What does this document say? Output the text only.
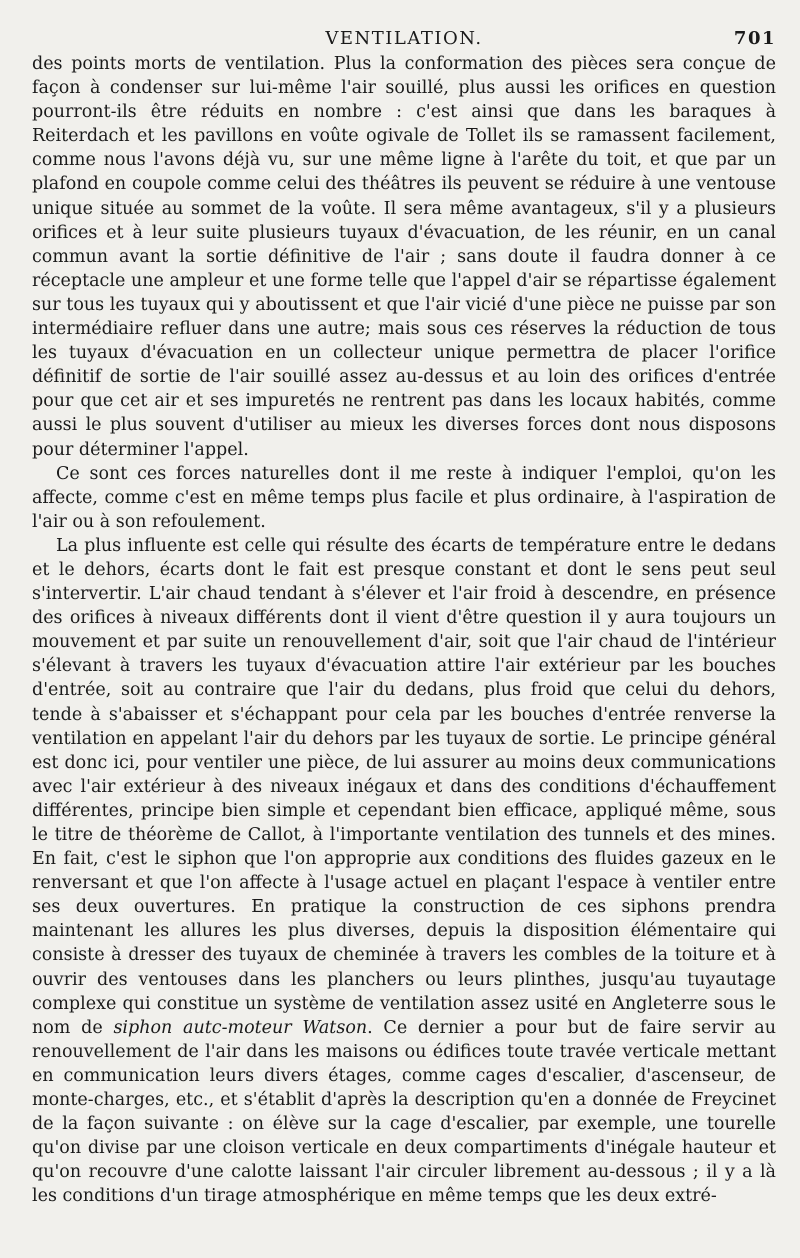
VENTILATION.	701

des points morts de ventilation. Plus la conformation des pièces sera conçue de façon à condenser sur lui-même l'air souillé, plus aussi les orifices en question pourront-ils être réduits en nombre : c'est ainsi que dans les baraques à Reiterdach et les pavillons en voûte ogivale de Tollet ils se ramassent facilement, comme nous l'avons déjà vu, sur une même ligne à l'arête du toit, et que par un plafond en coupole comme celui des théâtres ils peuvent se réduire à une ventouse unique située au sommet de la voûte. Il sera même avantageux, s'il y a plusieurs orifices et à leur suite plusieurs tuyaux d'évacuation, de les réunir, en un canal commun avant la sortie définitive de l'air ; sans doute il faudra donner à ce réceptacle une ampleur et une forme telle que l'appel d'air se répartisse également sur tous les tuyaux qui y aboutissent et que l'air vicié d'une pièce ne puisse par son intermédiaire refluer dans une autre; mais sous ces réserves la réduction de tous les tuyaux d'évacuation en un collecteur unique permettra de placer l'orifice définitif de sortie de l'air souillé assez au-dessus et au loin des orifices d'entrée pour que cet air et ses impuretés ne rentrent pas dans les locaux habités, comme aussi le plus souvent d'utiliser au mieux les diverses forces dont nous disposons pour déterminer l'appel.

Ce sont ces forces naturelles dont il me reste à indiquer l'emploi, qu'on les affecte, comme c'est en même temps plus facile et plus ordinaire, à l'aspiration de l'air ou à son refoulement.

La plus influente est celle qui résulte des écarts de température entre le dedans et le dehors, écarts dont le fait est presque constant et dont le sens peut seul s'intervertir. L'air chaud tendant à s'élever et l'air froid à descendre, en présence des orifices à niveaux différents dont il vient d'être question il y aura toujours un mouvement et par suite un renouvellement d'air, soit que l'air chaud de l'intérieur s'élevant à travers les tuyaux d'évacuation attire l'air extérieur par les bouches d'entrée, soit au contraire que l'air du dedans, plus froid que celui du dehors, tende à s'abaisser et s'échappant pour cela par les bouches d'entrée renverse la ventilation en appelant l'air du dehors par les tuyaux de sortie. Le principe général est donc ici, pour ventiler une pièce, de lui assurer au moins deux communications avec l'air extérieur à des niveaux inégaux et dans des conditions d'échauffement différentes, principe bien simple et cependant bien efficace, appliqué même, sous le titre de théorème de Callot, à l'importante ventilation des tunnels et des mines. En fait, c'est le siphon que l'on approprie aux conditions des fluides gazeux en le renversant et que l'on affecte à l'usage actuel en plaçant l'espace à ventiler entre ses deux ouvertures. En pratique la construction de ces siphons prendra maintenant les allures les plus diverses, depuis la disposition élémentaire qui consiste à dresser des tuyaux de cheminée à travers les combles de la toiture et à ouvrir des ventouses dans les planchers ou leurs plinthes, jusqu'au tuyautage complexe qui constitue un système de ventilation assez usité en Angleterre sous le nom de siphon autc-moteur Watson. Ce dernier a pour but de faire servir au renouvellement de l'air dans les maisons ou édifices toute travée verticale mettant en communication leurs divers étages, comme cages d'escalier, d'ascenseur, de monte-charges, etc., et s'établit d'après la description qu'en a donnée de Freycinet de la façon suivante : on élève sur la cage d'escalier, par exemple, une tourelle qu'on divise par une cloison verticale en deux compartiments d'inégale hauteur et qu'on recouvre d'une calotte laissant l'air circuler librement au-dessous ; il y a là les conditions d'un tirage atmosphérique en même temps que les deux extré-
